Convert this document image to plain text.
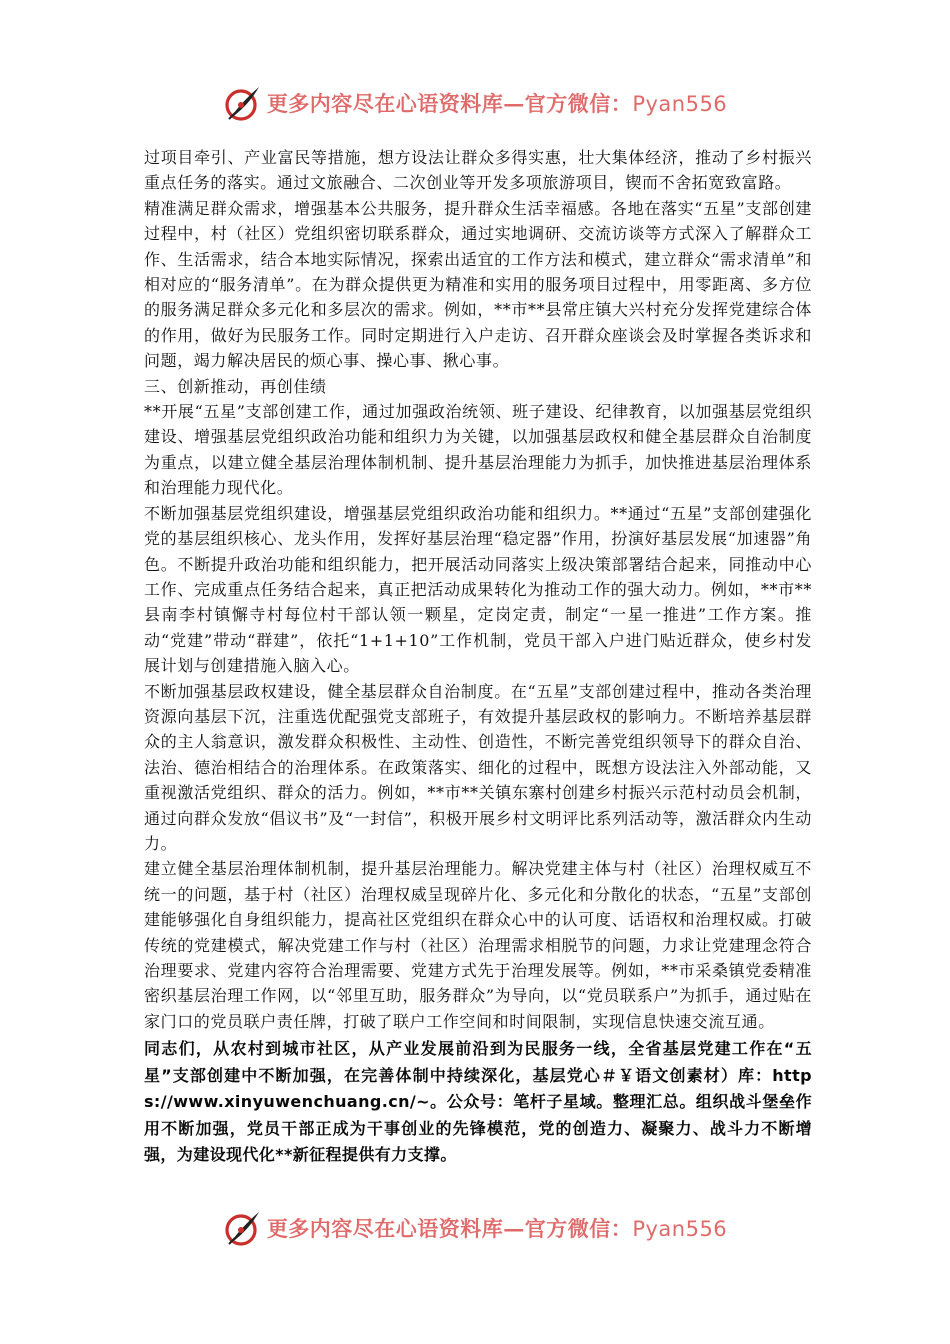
更多内容尽在心语资料库—官方微信：Pyan556

过项目牵引、产业富民等措施，想方设法让群众多得实惠，壮大集体经济，推动了乡村振兴重点任务的落实。通过文旅融合、二次创业等开发多项旅游项目，锲而不舍拓宽致富路。

精准满足群众需求，增强基本公共服务，提升群众生活幸福感。各地在落实“五星”支部创建过程中，村（社区）党组织密切联系群众，通过实地调研、交流访谈等方式深入了解群众工作、生活需求，结合本地实际情况，探索出适宜的工作方法和模式，建立群众“需求清单”和相对应的“服务清单”。在为群众提供更为精准和实用的服务项目过程中，用零距离、多方位的服务满足群众多元化和多层次的需求。例如，**市**县常庄镇大兴村充分发挥党建综合体的作用，做好为民服务工作。同时定期进行入户走访、召开群众座谈会及时掌握各类诉求和问题，竭力解决居民的烦心事、操心事、揪心事。

三、创新推动，再创佳绩

**开展“五星”支部创建工作，通过加强政治统领、班子建设、纪律教育，以加强基层党组织建设、增强基层党组织政治功能和组织力为关键，以加强基层政权和健全基层群众自治制度为重点，以建立健全基层治理体制机制、提升基层治理能力为抓手，加快推进基层治理体系和治理能力现代化。

不断加强基层党组织建设，增强基层党组织政治功能和组织力。**通过“五星”支部创建强化党的基层组织核心、龙头作用，发挥好基层治理“稳定器”作用，扮演好基层发展“加速器”角色。不断提升政治功能和组织能力，把开展活动同落实上级决策部署结合起来，同推动中心工作、完成重点任务结合起来，真正把活动成果转化为推动工作的强大动力。例如，**市**县南李村镇懈寺村每位村干部认领一颗星，定岗定责，制定“一星一推进”工作方案。推动“党建”带动“群建”，依托“1+1+10”工作机制，党员干部入户进门贴近群众，使乡村发展计划与创建措施入脑入心。

不断加强基层政权建设，健全基层群众自治制度。在“五星”支部创建过程中，推动各类治理资源向基层下沉，注重选优配强党支部班子，有效提升基层政权的影响力。不断培养基层群众的主人翁意识，激发群众积极性、主动性、创造性，不断完善党组织领导下的群众自治、法治、德治相结合的治理体系。在政策落实、细化的过程中，既想方设法注入外部动能，又重视激活党组织、群众的活力。例如，**市**关镇东寨村创建乡村振兴示范村动员会机制，通过向群众发放“倡议书”及“一封信”，积极开展乡村文明评比系列活动等，激活群众内生动力。

建立健全基层治理体制机制，提升基层治理能力。解决党建主体与村（社区）治理权威互不统一的问题，基于村（社区）治理权威呈现碎片化、多元化和分散化的状态，“五星”支部创建能够强化自身组织能力，提高社区党组织在群众心中的认可度、话语权和治理权威。打破传统的党建模式，解决党建工作与村（社区）治理需求相脱节的问题，力求让党建理念符合治理要求、党建内容符合治理需要、党建方式先于治理发展等。例如，**市采桑镇党委精准密织基层治理工作网，以“邻里互助，服务群众”为导向，以“党员联系户”为抓手，通过贴在家门口的党员联户责任牌，打破了联户工作空间和时间限制，实现信息快速交流互通。

同志们，从农村到城市社区，从产业发展前沿到为民服务一线，全省基层党建工作在“五星”支部创建中不断加强，在完善体制中持续深化，基层党心＃￥语文创素材）库：https://www.xinyuwenchuang.cn/~。公众号：笔杆子星域。整理汇总。组织战斗堡垒作用不断加强，党员干部正成为干事创业的先锋模范，党的创造力、凝聚力、战斗力不断增强，为建设现代化**新征程提供有力支撑。

更多内容尽在心语资料库—官方微信：Pyan556
